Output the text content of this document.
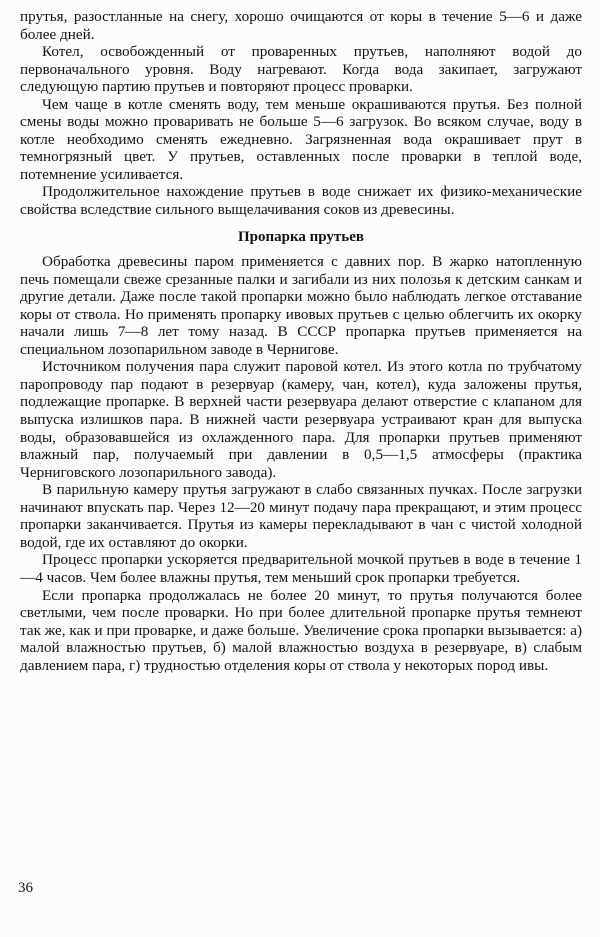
прутья, разостланные на снегу, хорошо очищаются от коры в течение 5—6 и даже более дней.

Котел, освобожденный от проваренных прутьев, наполняют водой до первоначального уровня. Воду нагревают. Когда вода закипает, загружают следующую партию прутьев и повторяют процесс проварки.

Чем чаще в котле сменять воду, тем меньше окрашиваются прутья. Без полной смены воды можно проваривать не больше 5—6 загрузок. Во всяком случае, воду в котле необходимо сменять ежедневно. Загрязненная вода окрашивает прут в темногрязный цвет. У прутьев, оставленных после проварки в теплой воде, потемнение усиливается.

Продолжительное нахождение прутьев в воде снижает их физико-механические свойства вследствие сильного выщелачивания соков из древесины.

Пропарка прутьев

Обработка древесины паром применяется с давних пор. В жарко натопленную печь помещали свеже срезанные палки и загибали из них полозья к детским санкам и другие детали. Даже после такой пропарки можно было наблюдать легкое отставание коры от ствола. Но применять пропарку ивовых прутьев с целью облегчить их окорку начали лишь 7—8 лет тому назад. В СССР пропарка прутьев применяется на специальном лозопарильном заводе в Чернигове.

Источником получения пара служит паровой котел. Из этого котла по трубчатому паропроводу пар подают в резервуар (камеру, чан, котел), куда заложены прутья, подлежащие пропарке. В верхней части резервуара делают отверстие с клапаном для выпуска излишков пара. В нижней части резервуара устраивают кран для выпуска воды, образовавшейся из охлажденного пара. Для пропарки прутьев применяют влажный пар, получаемый при давлении в 0,5—1,5 атмосферы (практика Черниговского лозопарильного завода).

В парильную камеру прутья загружают в слабо связанных пучках. После загрузки начинают впускать пар. Через 12—20 минут подачу пара прекращают, и этим процесс пропарки заканчивается. Прутья из камеры перекладывают в чан с чистой холодной водой, где их оставляют до окорки.

Процесс пропарки ускоряется предварительной мочкой прутьев в воде в течение 1—4 часов. Чем более влажны прутья, тем меньший срок пропарки требуется.

Если пропарка продолжалась не более 20 минут, то прутья получаются более светлыми, чем после проварки. Но при более длительной пропарке прутья темнеют так же, как и при проварке, и даже больше. Увеличение срока пропарки вызывается: а) малой влажностью прутьев, б) малой влажностью воздуха в резервуаре, в) слабым давлением пара, г) трудностью отделения коры от ствола у некоторых пород ивы.

36
